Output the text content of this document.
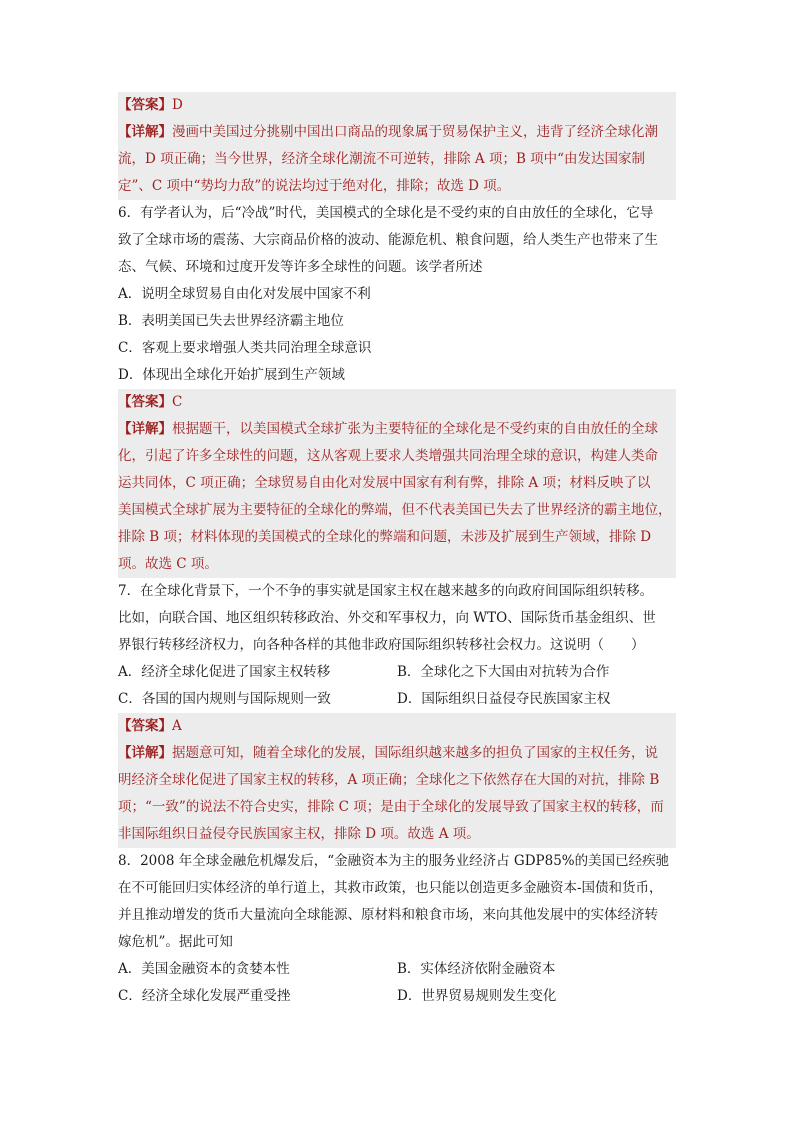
【答案】D
【详解】漫画中美国过分挑剔中国出口商品的现象属于贸易保护主义，违背了经济全球化潮
流，D 项正确；当今世界，经济全球化潮流不可逆转，排除 A 项；B 项中“由发达国家制
定”、C 项中“势均力敌”的说法均过于绝对化，排除；故选 D 项。
6．有学者认为，后“冷战”时代，美国模式的全球化是不受约束的自由放任的全球化，它导
致了全球市场的震荡、大宗商品价格的波动、能源危机、粮食问题，给人类生产也带来了生
态、气候、环境和过度开发等许多全球性的问题。该学者所述
A．说明全球贸易自由化对发展中国家不利
B．表明美国已失去世界经济霸主地位
C．客观上要求增强人类共同治理全球意识
D．体现出全球化开始扩展到生产领域
【答案】C
【详解】根据题干，以美国模式全球扩张为主要特征的全球化是不受约束的自由放任的全球
化，引起了许多全球性的问题，这从客观上要求人类增强共同治理全球的意识，构建人类命
运共同体，C 项正确；全球贸易自由化对发展中国家有利有弊，排除 A 项；材料反映了以
美国模式全球扩展为主要特征的全球化的弊端，但不代表美国已失去了世界经济的霸主地位，
排除 B 项；材料体现的美国模式的全球化的弊端和问题，未涉及扩展到生产领域，排除 D
项。故选 C 项。
7．在全球化背景下，一个不争的事实就是国家主权在越来越多的向政府间国际组织转移。
比如，向联合国、地区组织转移政治、外交和军事权力，向 WTO、国际货币基金组织、世
界银行转移经济权力，向各种各样的其他非政府国际组织转移社会权力。这说明（　　）
A．经济全球化促进了国家主权转移	B．全球化之下大国由对抗转为合作
C．各国的国内规则与国际规则一致	D．国际组织日益侵夺民族国家主权
【答案】A
【详解】据题意可知，随着全球化的发展，国际组织越来越多的担负了国家的主权任务，说
明经济全球化促进了国家主权的转移，A 项正确；全球化之下依然存在大国的对抗，排除 B
项；“一致”的说法不符合史实，排除 C 项；是由于全球化的发展导致了国家主权的转移，而
非国际组织日益侵夺民族国家主权，排除 D 项。故选 A 项。
8．2008 年全球金融危机爆发后，“金融资本为主的服务业经济占 GDP85%的美国已经疾驰
在不可能回归实体经济的单行道上，其救市政策，也只能以创造更多金融资本-国债和货币，
并且推动增发的货币大量流向全球能源、原材料和粮食市场，来向其他发展中的实体经济转
嫁危机”。据此可知
A．美国金融资本的贪婪本性	B．实体经济依附金融资本
C．经济全球化发展严重受挫	D．世界贸易规则发生变化
